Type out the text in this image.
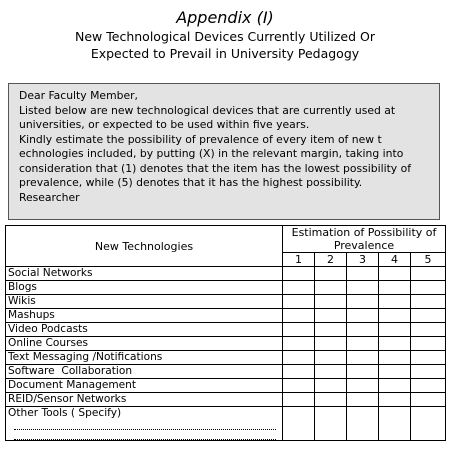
Appendix (I)
New Technological Devices Currently Utilized Or
Expected to Prevail in University Pedagogy

Dear Faculty Member,

Listed below are new technological devices that are currently used at universities, or expected to be used within five years.

Kindly estimate the possibility of prevalence of every item of new t echnologies included, by putting (X) in the relevant margin, taking into consideration that (1) denotes that the item has the lowest possibility of prevalence, while (5) denotes that it has the highest possibility.

Researcher

New Technologies	Estimation of Possibility of Prevalence				
	1	2	3	4	5
Social Networks					
Blogs					
Wikis					
Mashups					
Video Podcasts					
Online Courses					
Text Messaging /Notifications					
Software  Collaboration					
Document Management					
REID/Sensor Networks					

Other Tools ( Specify)					
